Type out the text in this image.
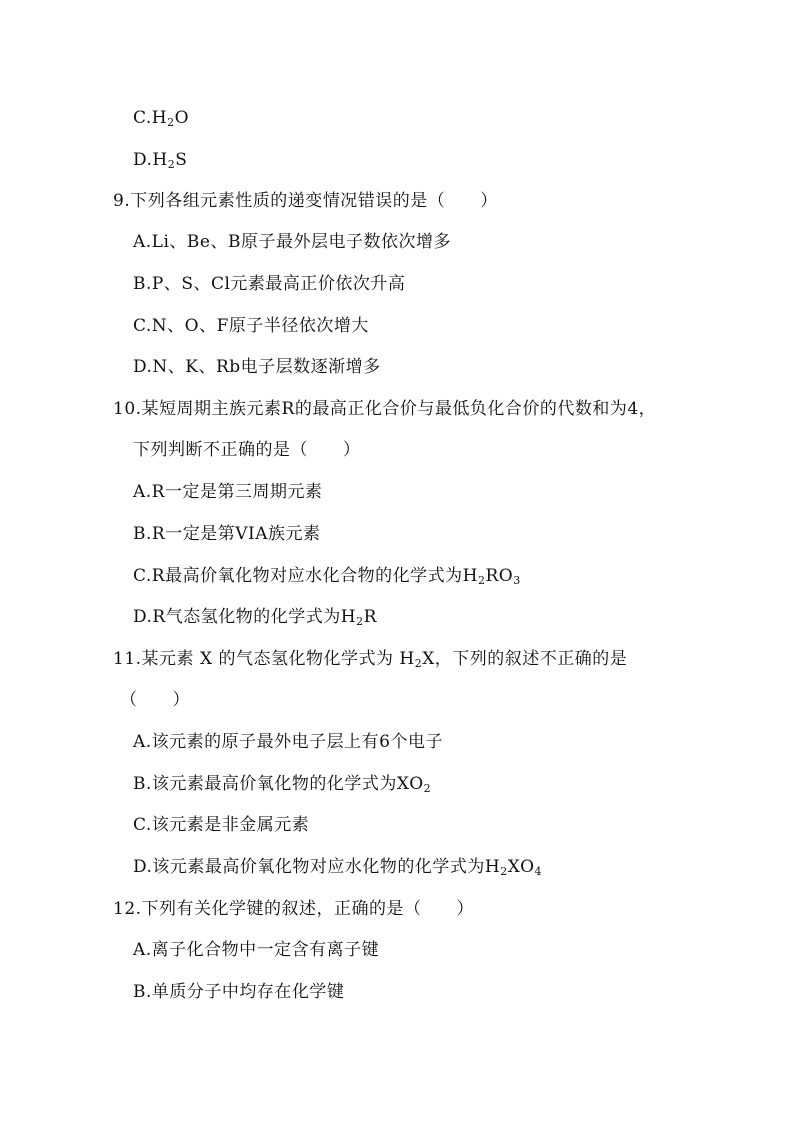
$C.H_2O$
$D.H_2S$
9.下列各组元素性质的递变情况错误的是（　　）
A.Li、Be、B原子最外层电子数依次增多
B.P、S、Cl元素最高正价依次升高
C.N、O、F原子半径依次增大
D.N、K、Rb电子层数逐渐增多
10.某短周期主族元素R的最高正化合价与最低负化合价的代数和为4，
下列判断不正确的是（　　）
A.R一定是第三周期元素
B.R一定是第VIA族元素
C.R最高价氧化物对应水化合物的化学式为$H_2RO_3$
D.R气态氢化物的化学式为$H_2R$
11.某元素 X 的气态氢化物化学式为 $H_2X$，下列的叙述不正确的是
（　　）
A.该元素的原子最外电子层上有6个电子
B.该元素最高价氧化物的化学式为$XO_2$
C.该元素是非金属元素
D.该元素最高价氧化物对应水化物的化学式为$H_2XO_4$
12.下列有关化学键的叙述，正确的是（　　）
A.离子化合物中一定含有离子键
B.单质分子中均存在化学键
